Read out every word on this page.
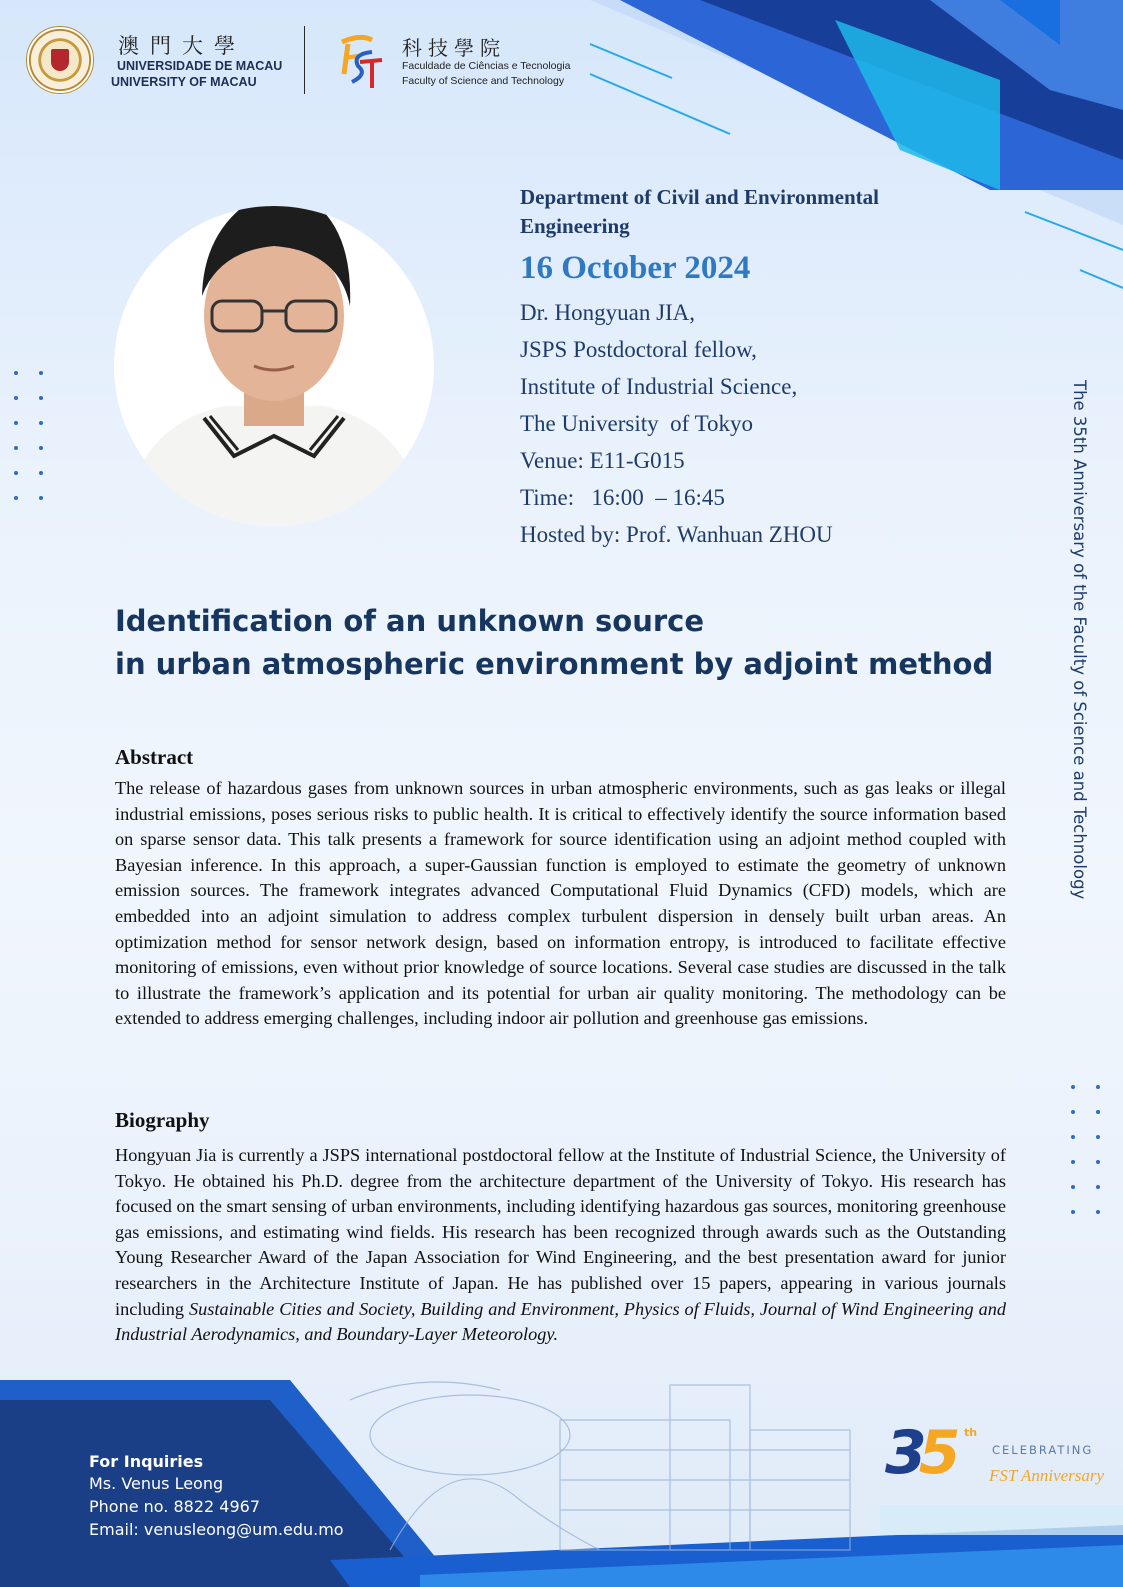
澳門大學
UNIVERSIDADE DE MACAU
UNIVERSITY OF MACAU
科技學院
Faculdade de Ciências e Tecnologia
Faculty of Science and Technology
Department of Civil and Environmental Engineering
16 October 2024
Dr. Hongyuan JIA,
JSPS Postdoctoral fellow,
Institute of Industrial Science,
The University  of Tokyo
Venue: E11-G015
Time:   16:00  – 16:45
Hosted by: Prof. Wanhuan ZHOU	The 35th Anniversary of the Faculty of Science and Technology
Identification of an unknown source
in urban atmospheric environment by adjoint method
Abstract
The release of hazardous gases from unknown sources in urban atmospheric environments, such as gas leaks or illegal industrial emissions, poses serious risks to public health. It is critical to effectively identify the source information based on sparse sensor data. This talk presents a framework for source identification using an adjoint method coupled with Bayesian inference. In this approach, a super-Gaussian function is employed to estimate the geometry of unknown emission sources. The framework integrates advanced Computational Fluid Dynamics (CFD) models, which are embedded into an adjoint simulation to address complex turbulent dispersion in densely built urban areas. An optimization method for sensor network design, based on information entropy, is introduced to facilitate effective monitoring of emissions, even without prior knowledge of source locations. Several case studies are discussed in the talk to illustrate the framework’s application and its potential for urban air quality monitoring. The methodology can be extended to address emerging challenges, including indoor air pollution and greenhouse gas emissions.
Biography
Hongyuan Jia is currently a JSPS international postdoctoral fellow at the Institute of Industrial Science, the University of Tokyo. He obtained his Ph.D. degree from the architecture department of the University of Tokyo. His research has focused on the smart sensing of urban environments, including identifying hazardous gas sources, monitoring greenhouse gas emissions, and estimating wind fields. His research has been recognized through awards such as the Outstanding Young Researcher Award of the Japan Association for Wind Engineering, and the best presentation award for junior researchers in the Architecture Institute of Japan. He has published over 15 papers, appearing in various journals including Sustainable Cities and Society, Building and Environment, Physics of Fluids, Journal of Wind Engineering and Industrial Aerodynamics, and Boundary-Layer Meteorology.
For Inquiries
Ms. Venus Leong
Phone no. 8822 4967
Email: venusleong@um.edu.mo
35 th
CELEBRATING
FST Anniversary
